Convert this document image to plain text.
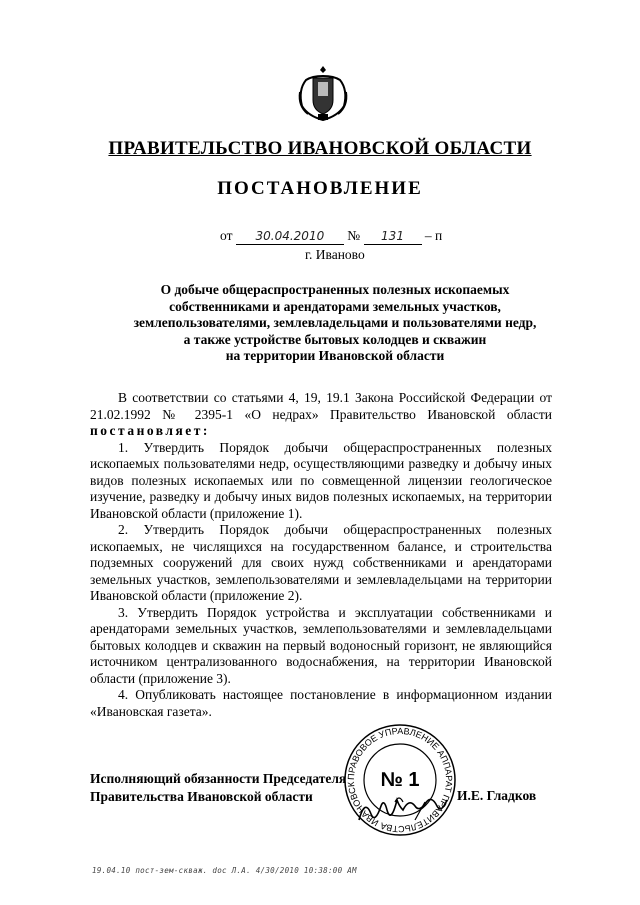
ПРАВИТЕЛЬСТВО ИВАНОВСКОЙ ОБЛАСТИ
ПОСТАНОВЛЕНИЕ
от 30.04.2010 № 131 – п
г. Иваново
О добыче общераспространенных полезных ископаемых
собственниками и арендаторами земельных участков,
землепользователями, землевладельцами и пользователями недр,
а также устройстве бытовых колодцев и скважин
на территории Ивановской области

В соответствии со статьями 4, 19, 19.1 Закона Российской Федерации от 21.02.1992 № 2395-1 «О недрах» Правительство Ивановской области постановляет:

1. Утвердить Порядок добычи общераспространенных полезных ископаемых пользователями недр, осуществляющими разведку и добычу иных видов полезных ископаемых или по совмещенной лицензии геологическое изучение, разведку и добычу иных видов полезных ископаемых, на территории Ивановской области (приложение 1).

2. Утвердить Порядок добычи общераспространенных полезных ископаемых, не числящихся на государственном балансе, и строительства подземных сооружений для своих нужд собственниками и арендаторами земельных участков, землепользователями и землевладельцами на территории Ивановской области (приложение 2).

3. Утвердить Порядок устройства и эксплуатации собственниками и арендаторами земельных участков, землепользователями и землевладельцами бытовых колодцев и скважин на первый водоносный горизонт, не являющийся источником централизованного водоснабжения, на территории Ивановской области (приложение 3).

4. Опубликовать настоящее постановление в информационном издании «Ивановская газета».

ПРАВОВОЕ УПРАВЛЕНИЕ АППАРАТ ПРАВИТЕЛЬСТВА ИВАНОВСК	№ 1
Исполняющий обязанности Председателя
Правительства Ивановской области	И.Е. Гладков
19.04.10 пост-зем-скваж. doc Л.А. 4/30/2010 10:38:00 AM
